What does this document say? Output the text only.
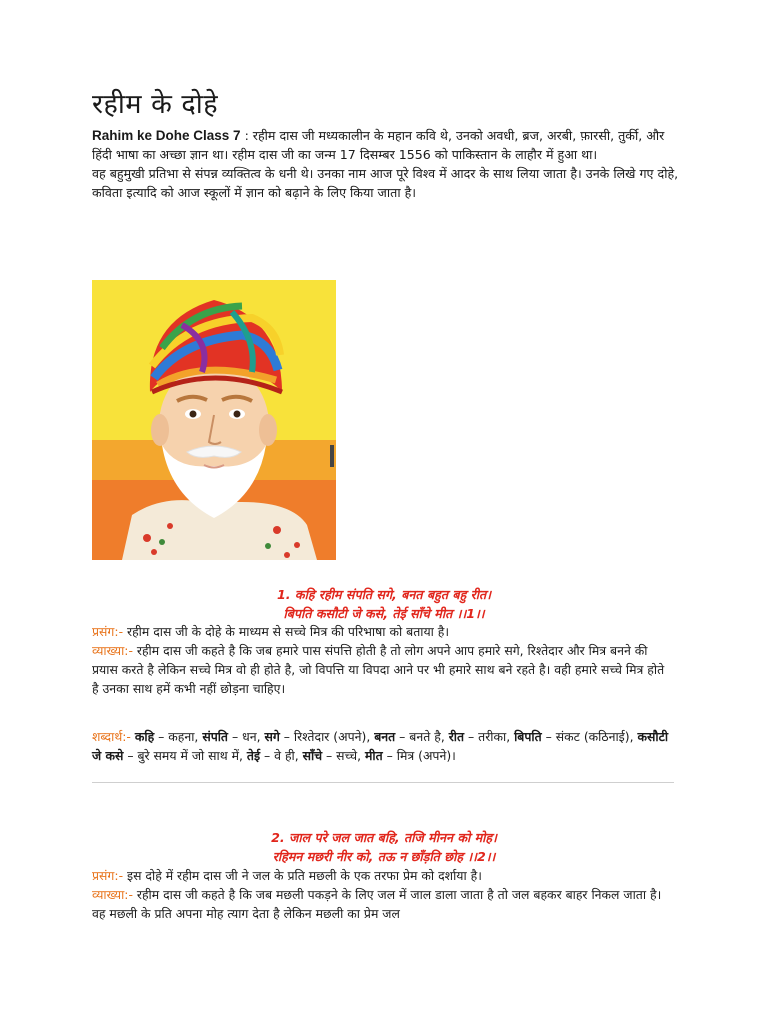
रहीम के दोहे

Rahim ke Dohe Class 7 : रहीम दास जी मध्यकालीन के महान कवि थे, उनको अवधी, ब्रज, अरबी, फ़ारसी, तुर्की, और हिंदी भाषा का अच्छा ज्ञान था। रहीम दास जी का जन्म 17 दिसम्बर 1556 को पाकिस्तान के लाहौर में हुआ था।

वह बहुमुखी प्रतिभा से संपन्न व्यक्तित्व के धनी थे। उनका नाम आज पूरे विश्व में आदर के साथ लिया जाता है। उनके लिखे गए दोहे, कविता इत्यादि को आज स्कूलों में ज्ञान को बढ़ाने के लिए किया जाता है।

1. कहि रहीम संपति सगे, बनत बहुत बहु रीत।
बिपति कसौटी जे कसे, तेई साँचे मीत ।।1।।

प्रसंग:- रहीम दास जी के दोहे के माध्यम से सच्चे मित्र की परिभाषा को बताया है।

व्याख्या:- रहीम दास जी कहते है कि जब हमारे पास संपत्ति होती है तो लोग अपने आप हमारे सगे, रिश्तेदार और मित्र बनने की प्रयास करते है लेकिन सच्चे मित्र वो ही होते है, जो विपत्ति या विपदा आने पर भी हमारे साथ बने रहते है। वही हमारे सच्चे मित्र होते है उनका साथ हमें कभी नहीं छोड़ना चाहिए।

शब्दार्थ:- कहि – कहना, संपति – धन, सगे – रिश्तेदार (अपने), बनत – बनते है, रीत – तरीका, बिपति – संकट (कठिनाई), कसौटी जे कसे – बुरे समय में जो साथ में, तेई – वे ही, साँचे – सच्चे, मीत – मित्र (अपने)।

2. जाल परे जल जात बहि, तजि मीनन को मोह।
रहिमन मछरी नीर को, तऊ न छाँड़ति छोह ।।2।।

प्रसंग:- इस दोहे में रहीम दास जी ने जल के प्रति मछली के एक तरफा प्रेम को दर्शाया है।

व्याख्या:- रहीम दास जी कहते है कि जब मछली पकड़ने के लिए जल में जाल डाला जाता है तो जल बहकर बाहर निकल जाता है। वह मछली के प्रति अपना मोह त्याग देता है लेकिन मछली का प्रेम जल
